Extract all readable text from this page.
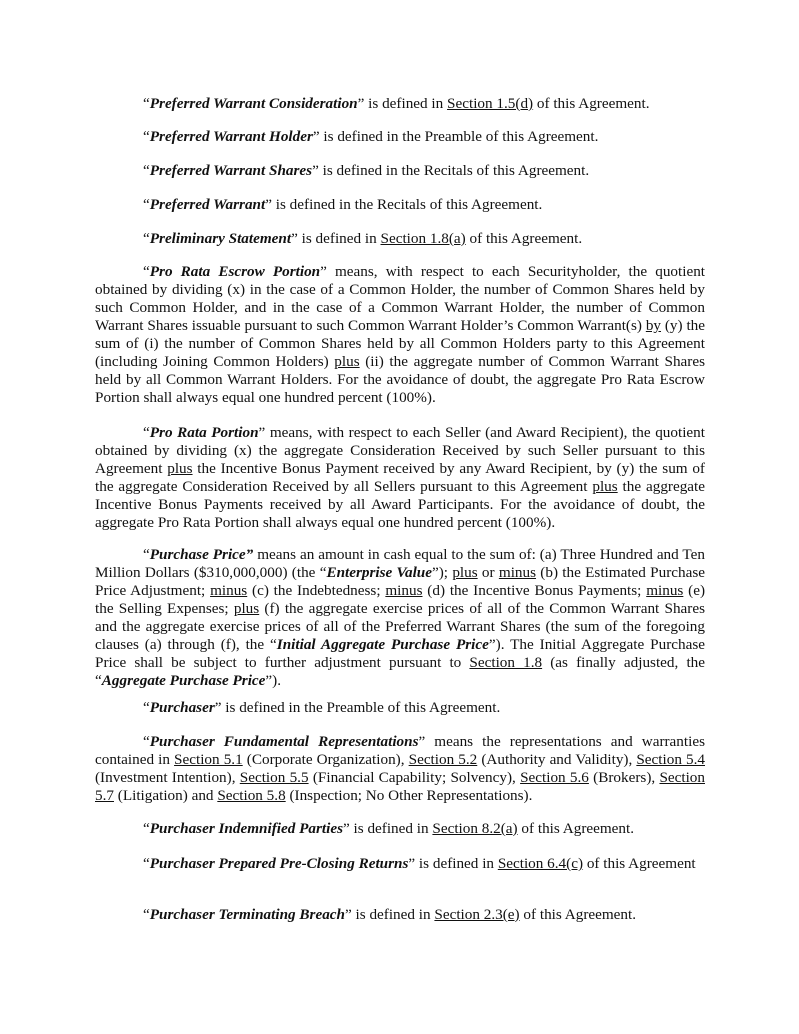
“Preferred Warrant Consideration” is defined in Section 1.5(d) of this Agreement.

“Preferred Warrant Holder” is defined in the Preamble of this Agreement.

“Preferred Warrant Shares” is defined in the Recitals of this Agreement.

“Preferred Warrant” is defined in the Recitals of this Agreement.

“Preliminary Statement” is defined in Section 1.8(a) of this Agreement.

“Pro Rata Escrow Portion” means, with respect to each Securityholder, the quotient obtained by dividing (x) in the case of a Common Holder, the number of Common Shares held by such Common Holder, and in the case of a Common Warrant Holder, the number of Common Warrant Shares issuable pursuant to such Common Warrant Holder’s Common Warrant(s) by (y) the sum of (i) the number of Common Shares held by all Common Holders party to this Agreement (including Joining Common Holders) plus (ii) the aggregate number of Common Warrant Shares held by all Common Warrant Holders. For the avoidance of doubt, the aggregate Pro Rata Escrow Portion shall always equal one hundred percent (100%).

“Pro Rata Portion” means, with respect to each Seller (and Award Recipient), the quotient obtained by dividing (x) the aggregate Consideration Received by such Seller pursuant to this Agreement plus the Incentive Bonus Payment received by any Award Recipient, by (y) the sum of the aggregate Consideration Received by all Sellers pursuant to this Agreement plus the aggregate Incentive Bonus Payments received by all Award Participants. For the avoidance of doubt, the aggregate Pro Rata Portion shall always equal one hundred percent (100%).

“Purchase Price” means an amount in cash equal to the sum of: (a) Three Hundred and Ten Million Dollars ($310,000,000) (the “Enterprise Value”); plus or minus (b) the Estimated Purchase Price Adjustment; minus (c) the Indebtedness; minus (d) the Incentive Bonus Payments; minus (e) the Selling Expenses; plus (f) the aggregate exercise prices of all of the Common Warrant Shares and the aggregate exercise prices of all of the Preferred Warrant Shares (the sum of the foregoing clauses (a) through (f), the “Initial Aggregate Purchase Price”). The Initial Aggregate Purchase Price shall be subject to further adjustment pursuant to Section 1.8 (as finally adjusted, the “Aggregate Purchase Price”).

“Purchaser” is defined in the Preamble of this Agreement.

“Purchaser Fundamental Representations” means the representations and warranties contained in Section 5.1 (Corporate Organization), Section 5.2 (Authority and Validity), Section 5.4 (Investment Intention), Section 5.5 (Financial Capability; Solvency), Section 5.6 (Brokers), Section 5.7 (Litigation) and Section 5.8 (Inspection; No Other Representations).

“Purchaser Indemnified Parties” is defined in Section 8.2(a) of this Agreement.

“Purchaser Prepared Pre-Closing Returns” is defined in Section 6.4(c) of this Agreement

“Purchaser Terminating Breach” is defined in Section 2.3(e) of this Agreement.
